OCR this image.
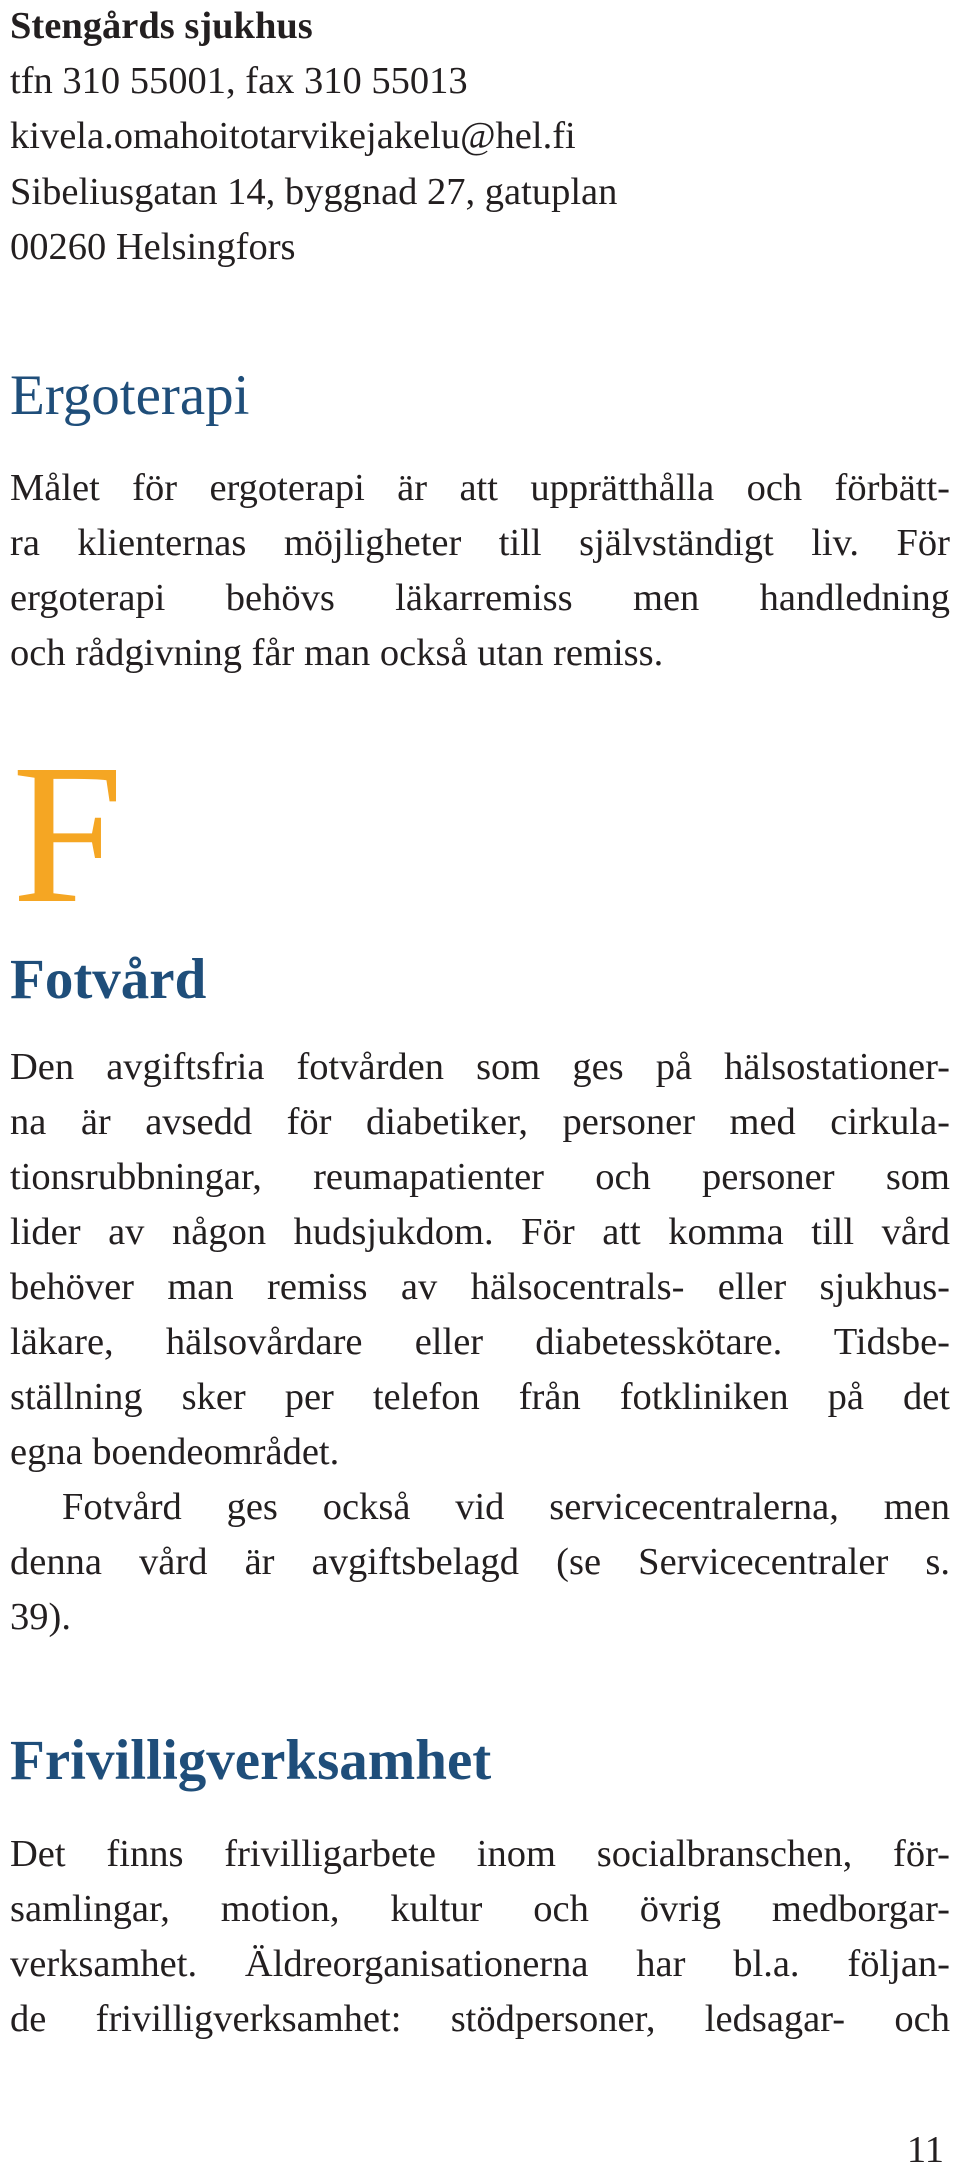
Stengårds sjukhus
tfn 310 55001, fax 310 55013
kivela.omahoitotarvikejakelu@hel.fi
Sibeliusgatan 14, byggnad 27, gatuplan
00260 Helsingfors
Ergoterapi
Målet för ergoterapi är att upprätthålla och förbätt-
ra klienternas möjligheter till självständigt liv. För
ergoterapi behövs läkarremiss men handledning
och rådgivning får man också utan remiss.
F
Fotvård
Den avgiftsfria fotvården som ges på hälsostationer-
na är avsedd för diabetiker, personer med cirkula-
tionsrubbningar, reumapatienter och personer som
lider av någon hudsjukdom. För att komma till vård
behöver man remiss av hälsocentrals- eller sjukhus-
läkare, hälsovårdare eller diabetesskötare. Tidsbe-
ställning sker per telefon från fotkliniken på det
egna boendeområdet.
Fotvård ges också vid servicecentralerna, men
denna vård är avgiftsbelagd (se Servicecentraler s.
39).
Frivilligverksamhet
Det finns frivilligarbete inom socialbranschen, för-
samlingar, motion, kultur och övrig medborgar-
verksamhet. Äldreorganisationerna har bl.a. följan-
de frivilligverksamhet: stödpersoner, ledsagar- och
11
